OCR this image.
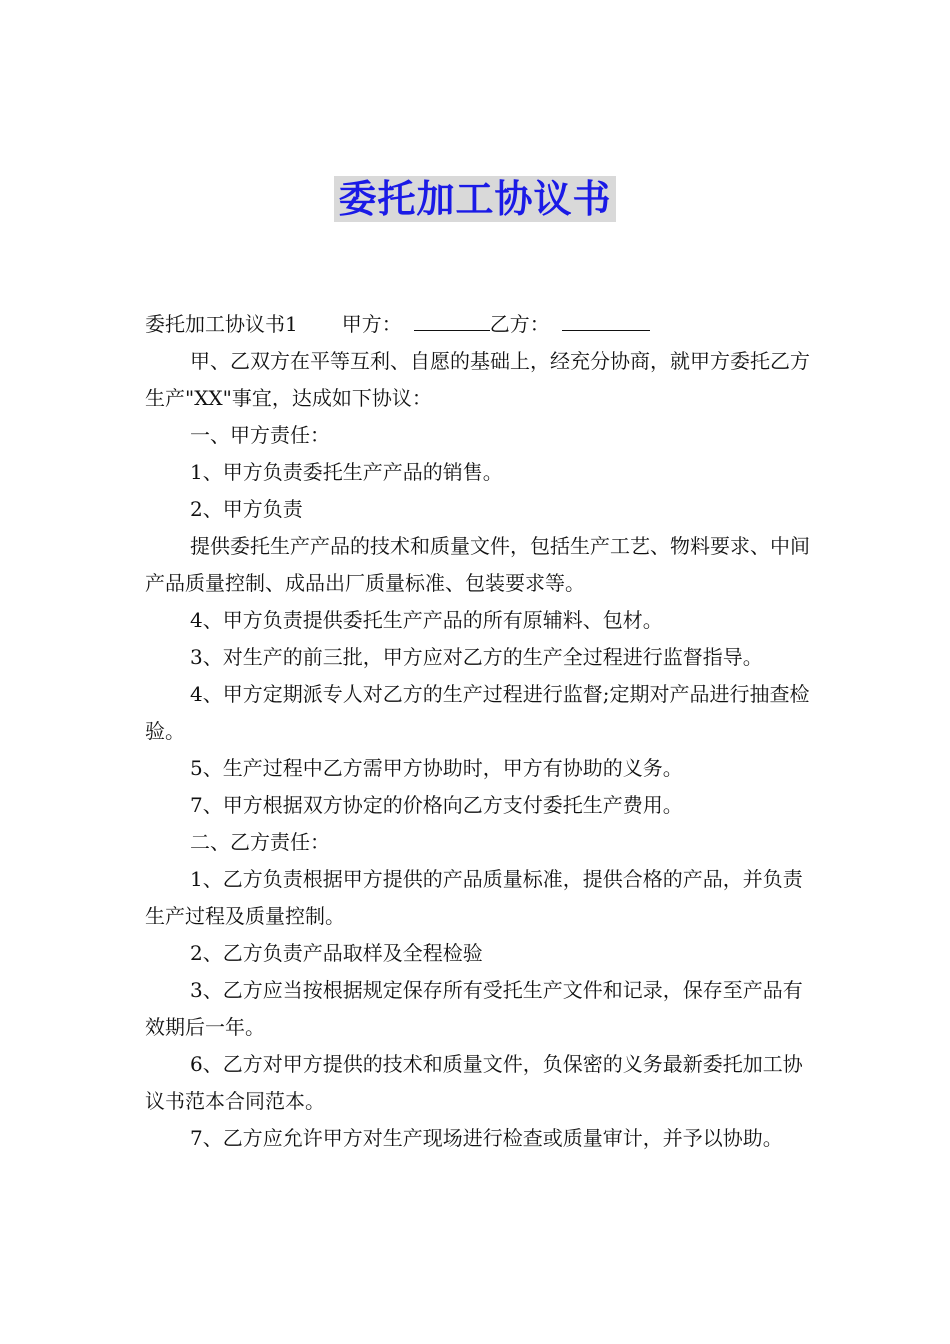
委托加工协议书

委托加工协议书1 甲方：	乙方：

甲、乙双方在平等互利、自愿的基础上，经充分协商，就甲方委托乙方生产"XX"事宜，达成如下协议：

一、甲方责任：

1、甲方负责委托生产产品的销售。

2、甲方负责

提供委托生产产品的技术和质量文件，包括生产工艺、物料要求、中间产品质量控制、成品出厂质量标准、包装要求等。

4、甲方负责提供委托生产产品的所有原辅料、包材。

3、对生产的前三批，甲方应对乙方的生产全过程进行监督指导。

4、甲方定期派专人对乙方的生产过程进行监督;定期对产品进行抽查检验。

5、生产过程中乙方需甲方协助时，甲方有协助的义务。

7、甲方根据双方协定的价格向乙方支付委托生产费用。

二、乙方责任：

1、乙方负责根据甲方提供的产品质量标准，提供合格的产品，并负责生产过程及质量控制。

2、乙方负责产品取样及全程检验

3、乙方应当按根据规定保存所有受托生产文件和记录，保存至产品有效期后一年。

6、乙方对甲方提供的技术和质量文件，负保密的义务最新委托加工协议书范本合同范本。

7、乙方应允许甲方对生产现场进行检查或质量审计，并予以协助。
